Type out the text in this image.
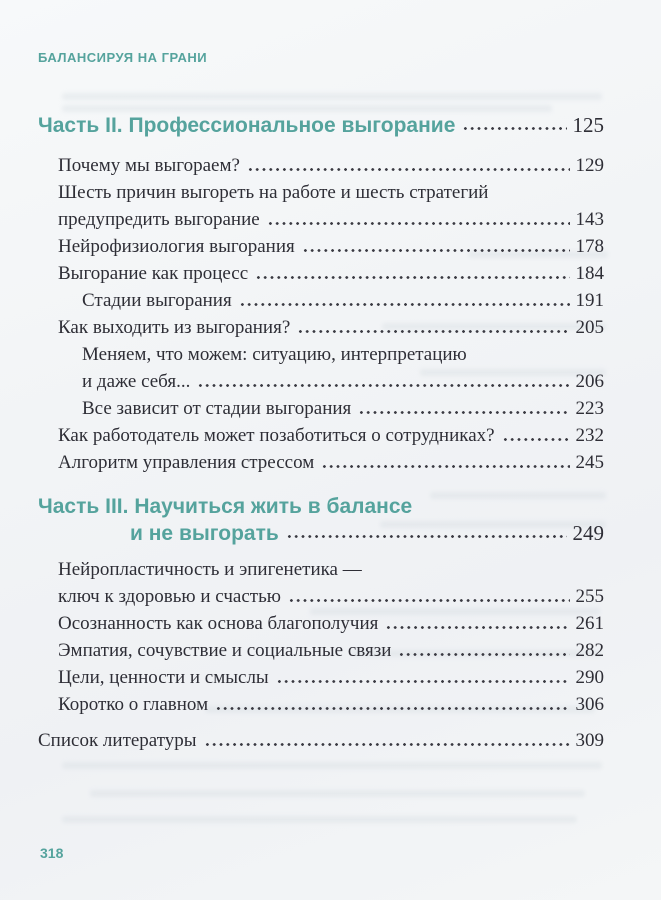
БАЛАНСИРУЯ НА ГРАНИ
Часть II. Профессиональное выгорание	125
Почему мы выгораем?	129
Шесть причин выгореть на работе и шесть стратегий
предупредить выгорание	143
Нейрофизиология выгорания	178
Выгорание как процесс	184
Стадии выгорания	191
Как выходить из выгорания?	205
Меняем, что можем: ситуацию, интерпретацию
и даже себя...	206
Все зависит от стадии выгорания	223
Как работодатель может позаботиться о сотрудниках?	232
Алгоритм управления стрессом	245
Часть III. Научиться жить в балансе
и не выгорать	249
Нейропластичность и эпигенетика —
ключ к здоровью и счастью	255
Осознанность как основа благополучия	261
Эмпатия, сочувствие и социальные связи	282
Цели, ценности и смыслы	290
Коротко о главном	306
Список литературы	309
318
